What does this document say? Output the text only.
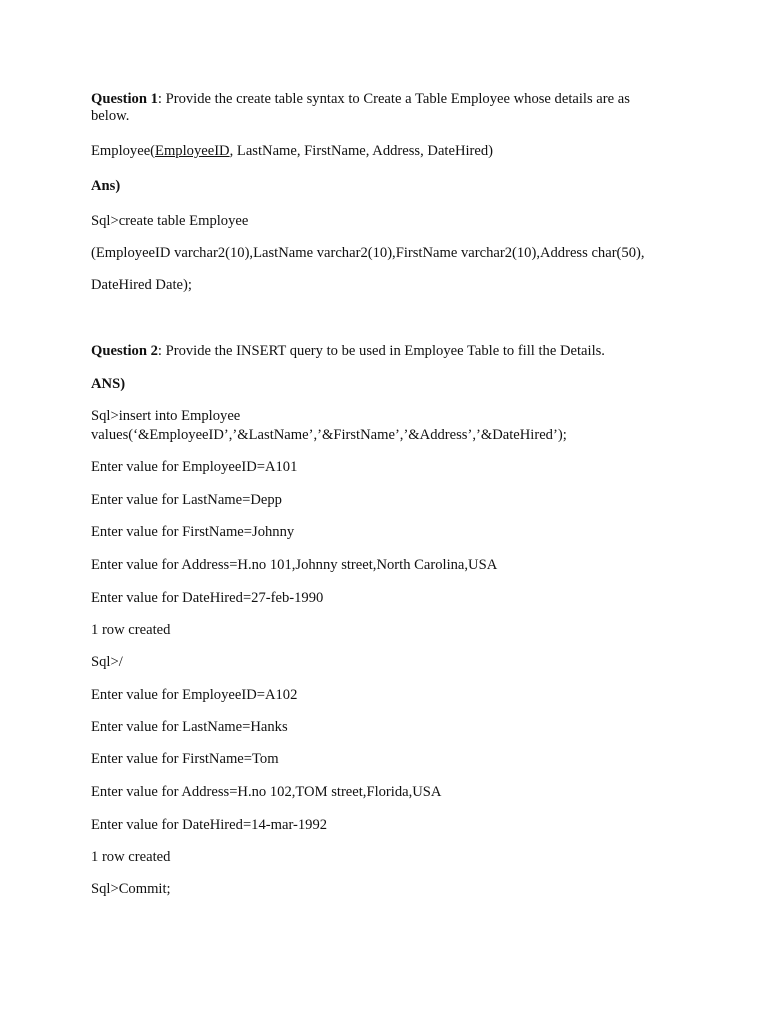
Question 1: Provide the create table syntax to Create a Table Employee whose details are as
below.
Employee(EmployeeID, LastName, FirstName, Address, DateHired)
Ans)
Sql>create table Employee
(EmployeeID varchar2(10),LastName varchar2(10),FirstName varchar2(10),Address char(50),
DateHired Date);
Question 2: Provide the INSERT query to be used in Employee Table to fill the Details.
ANS)
Sql>insert into Employee
values(‘&EmployeeID’,’&LastName’,’&FirstName’,’&Address’,’&DateHired’);
Enter value for EmployeeID=A101
Enter value for LastName=Depp
Enter value for FirstName=Johnny
Enter value for Address=H.no 101,Johnny street,North Carolina,USA
Enter value for DateHired=27-feb-1990
1 row created
Sql>/
Enter value for EmployeeID=A102
Enter value for LastName=Hanks
Enter value for FirstName=Tom
Enter value for Address=H.no 102,TOM street,Florida,USA
Enter value for DateHired=14-mar-1992
1 row created
Sql>Commit;
